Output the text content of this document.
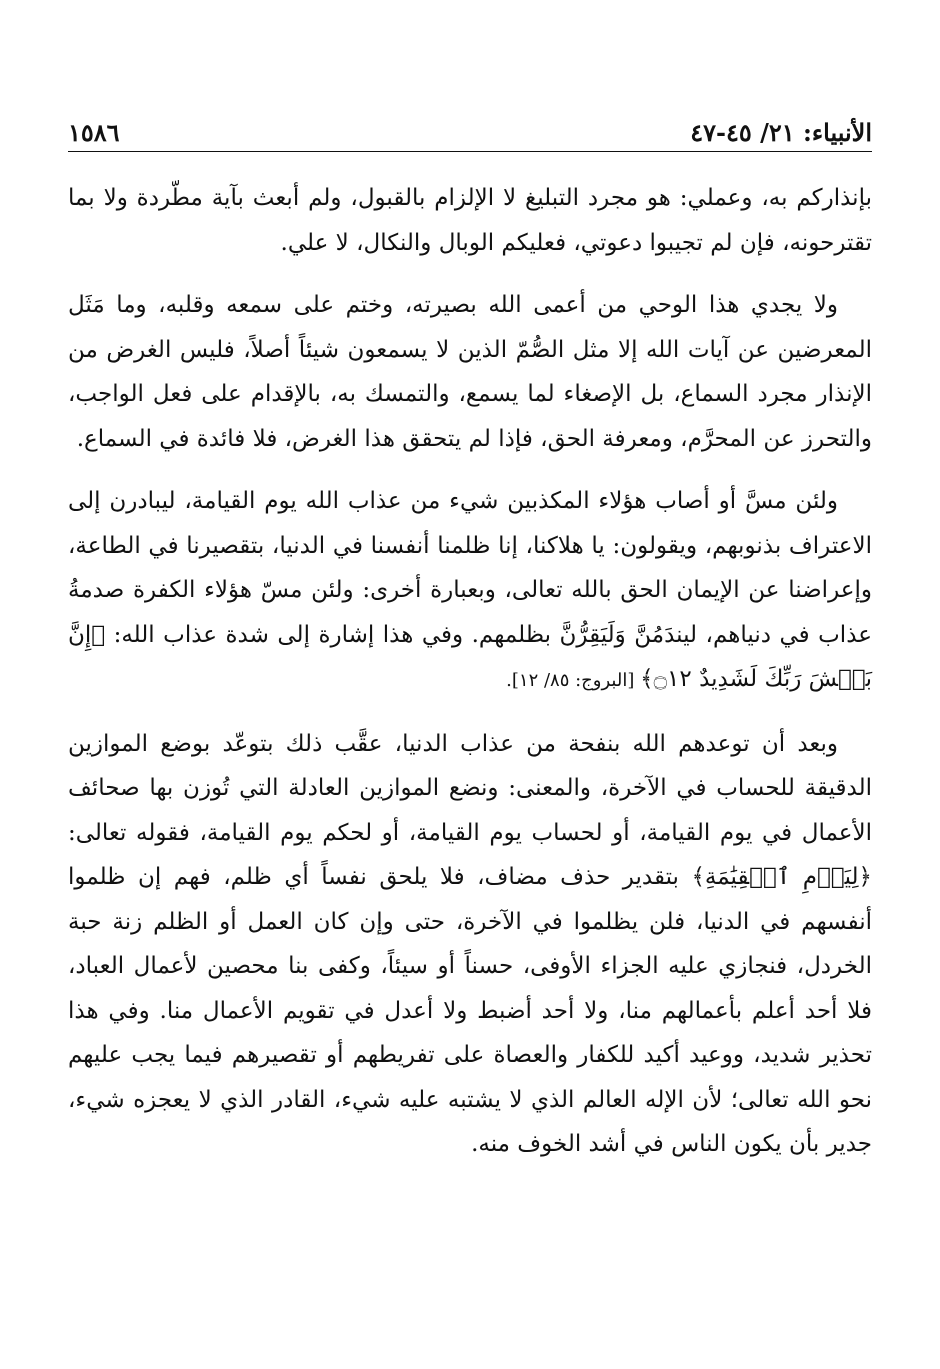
الأنبياء: ٢١/ ٤٥-٤٧
١٥٨٦

بإنذاركم به، وعملي: هو مجرد التبليغ لا الإلزام بالقبول، ولم أبعث بآية مطّردة ولا بما تقترحونه، فإن لم تجيبوا دعوتي، فعليكم الوبال والنكال، لا علي.

ولا يجدي هذا الوحي من أعمى الله بصيرته، وختم على سمعه وقلبه، وما مَثَل المعرضين عن آيات الله إلا مثل الصُّمّ الذين لا يسمعون شيئاً أصلاً، فليس الغرض من الإنذار مجرد السماع، بل الإصغاء لما يسمع، والتمسك به، بالإقدام على فعل الواجب، والتحرز عن المحرَّم، ومعرفة الحق، فإذا لم يتحقق هذا الغرض، فلا فائدة في السماع.

ولئن مسَّ أو أصاب هؤلاء المكذبين شيء من عذاب الله يوم القيامة، ليبادرن إلى الاعتراف بذنوبهم، ويقولون: يا هلاكنا، إنا ظلمنا أنفسنا في الدنيا، بتقصيرنا في الطاعة، وإعراضنا عن الإيمان الحق بالله تعالى، وبعبارة أخرى: ولئن مسّ هؤلاء الكفرة صدمةُ عذاب في دنياهم، ليندَمُنَّ وَلَيَقِرُّنَّ بظلمهم. وفي هذا إشارة إلى شدة عذاب الله: ﴿إِنَّ بَطۡشَ رَبِّكَ لَشَدِيدٌ ۝١٢﴾ [البروج: ٨٥/ ١٢].

وبعد أن توعدهم الله بنفحة من عذاب الدنيا، عقَّب ذلك بتوعّد بوضع الموازين الدقيقة للحساب في الآخرة، والمعنى: ونضع الموازين العادلة التي تُوزن بها صحائف الأعمال في يوم القيامة، أو لحساب يوم القيامة، أو لحكم يوم القيامة، فقوله تعالى: ﴿لِيَوۡمِ ٱلۡقِيَٰمَةِ﴾ بتقدير حذف مضاف، فلا يلحق نفساً أي ظلم، فهم إن ظلموا أنفسهم في الدنيا، فلن يظلموا في الآخرة، حتى وإن كان العمل أو الظلم زنة حبة الخردل، فنجازي عليه الجزاء الأوفى، حسناً أو سيئاً، وكفى بنا محصين لأعمال العباد، فلا أحد أعلم بأعمالهم منا، ولا أحد أضبط ولا أعدل في تقويم الأعمال منا. وفي هذا تحذير شديد، ووعيد أكيد للكفار والعصاة على تفريطهم أو تقصيرهم فيما يجب عليهم نحو الله تعالى؛ لأن الإله العالم الذي لا يشتبه عليه شيء، القادر الذي لا يعجزه شيء، جدير بأن يكون الناس في أشد الخوف منه.
